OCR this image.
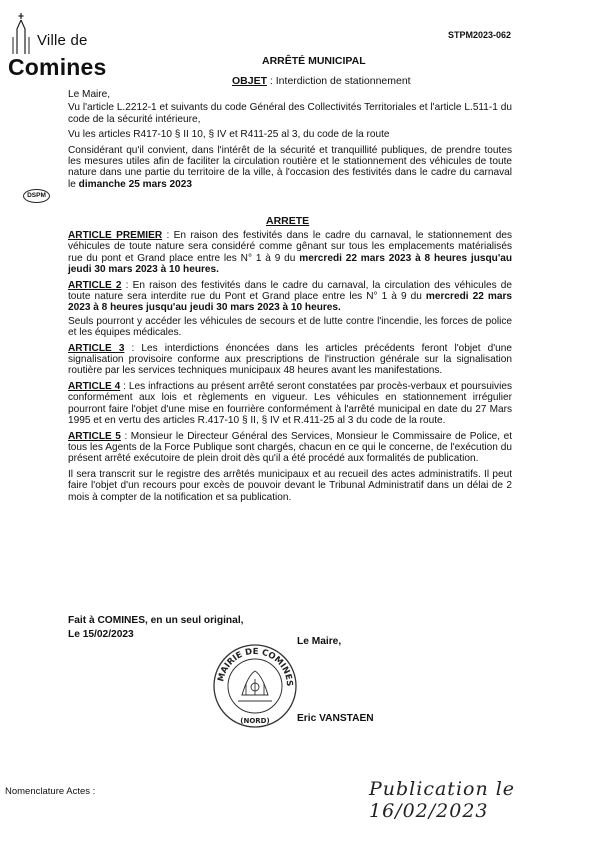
Ville de
Comines
STPM2023-062
ARRÊTÉ MUNICIPAL
OBJET : Interdiction de stationnement
DSPM
Le Maire,
Vu l'article L.2212-1 et suivants du code Général des Collectivités Territoriales et l'article L.511-1 du code de la sécurité intérieure,
Vu les articles R417-10 § II 10, § IV et R411-25 al 3, du code de la route
Considérant qu'il convient, dans l'intérêt de la sécurité et tranquillité publiques, de prendre toutes les mesures utiles afin de faciliter la circulation routière et le stationnement des véhicules de toute nature dans une partie du territoire de la ville, à l'occasion des festivités dans le cadre du carnaval le dimanche 25 mars 2023
ARRETE
ARTICLE PREMIER : En raison des festivités dans le cadre du carnaval, le stationnement des véhicules de toute nature sera considéré comme gênant sur tous les emplacements matérialisés rue du pont et Grand place entre les N° 1 à 9 du mercredi 22 mars 2023 à 8 heures jusqu'au jeudi 30 mars 2023 à 10 heures.
ARTICLE 2 : En raison des festivités dans le cadre du carnaval, la circulation des véhicules de toute nature sera interdite rue du Pont et Grand place entre les N° 1 à 9 du mercredi 22 mars 2023 à 8 heures jusqu'au jeudi 30 mars 2023 à 10 heures.
Seuls pourront y accéder les véhicules de secours et de lutte contre l'incendie, les forces de police et les équipes médicales.
ARTICLE 3 : Les interdictions énoncées dans les articles précédents feront l'objet d'une signalisation provisoire conforme aux prescriptions de l'instruction générale sur la signalisation routière par les services techniques municipaux 48 heures avant les manifestations.
ARTICLE 4 : Les infractions au présent arrêté seront constatées par procès-verbaux et poursuivies conformément aux lois et règlements en vigueur. Les véhicules en stationnement irrégulier pourront faire l'objet d'une mise en fourrière conformément à l'arrêté municipal en date du 27 Mars 1995 et en vertu des articles R.417-10 § II, § IV et R.411-25 al 3 du code de la route.
ARTICLE 5 : Monsieur le Directeur Général des Services, Monsieur le Commissaire de Police, et tous les Agents de la Force Publique sont chargés, chacun en ce qui le concerne, de l'exécution du présent arrêté exécutoire de plein droit dès qu'il a été procédé aux formalités de publication.
Il sera transcrit sur le registre des arrêtés municipaux et au recueil des actes administratifs. Il peut faire l'objet d'un recours pour excès de pouvoir devant le Tribunal Administratif dans un délai de 2 mois à compter de la notification et sa publication.
Fait à COMINES, en un seul original,
Le 15/02/2023
Le Maire,
MAIRIE DE COMINES
(NORD)	Eric VANSTAEN
Nomenclature Actes :	Publication le 16/02/2023
